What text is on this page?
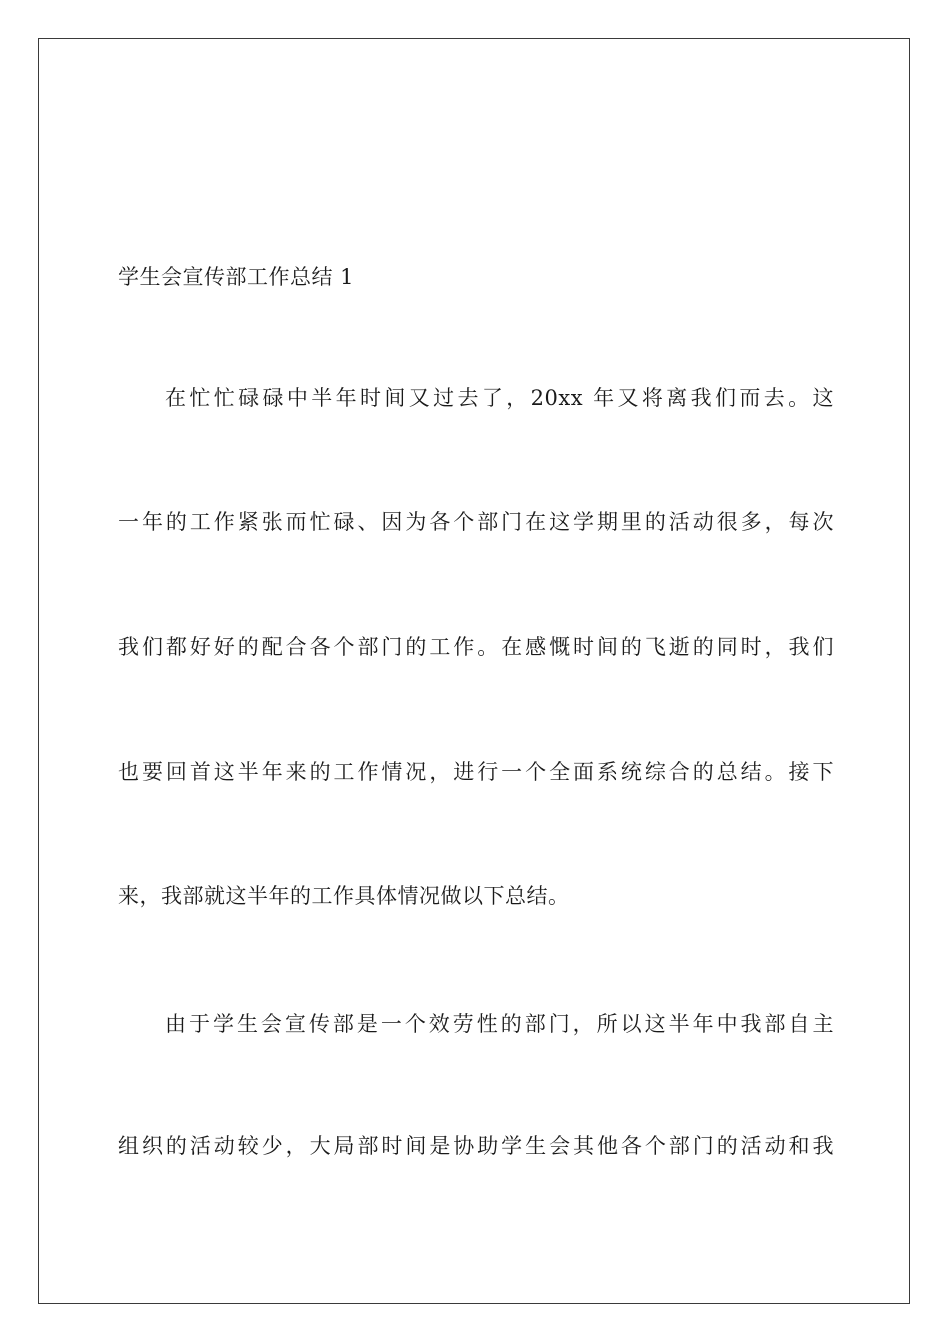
学生会宣传部工作总结 1
在忙忙碌碌中半年时间又过去了，20xx 年又将离我们而去。这
一年的工作紧张而忙碌、因为各个部门在这学期里的活动很多，每次
我们都好好的配合各个部门的工作。在感慨时间的飞逝的同时，我们
也要回首这半年来的工作情况，进行一个全面系统综合的总结。接下
来，我部就这半年的工作具体情况做以下总结。
由于学生会宣传部是一个效劳性的部门，所以这半年中我部自主
组织的活动较少，大局部时间是协助学生会其他各个部门的活动和我
